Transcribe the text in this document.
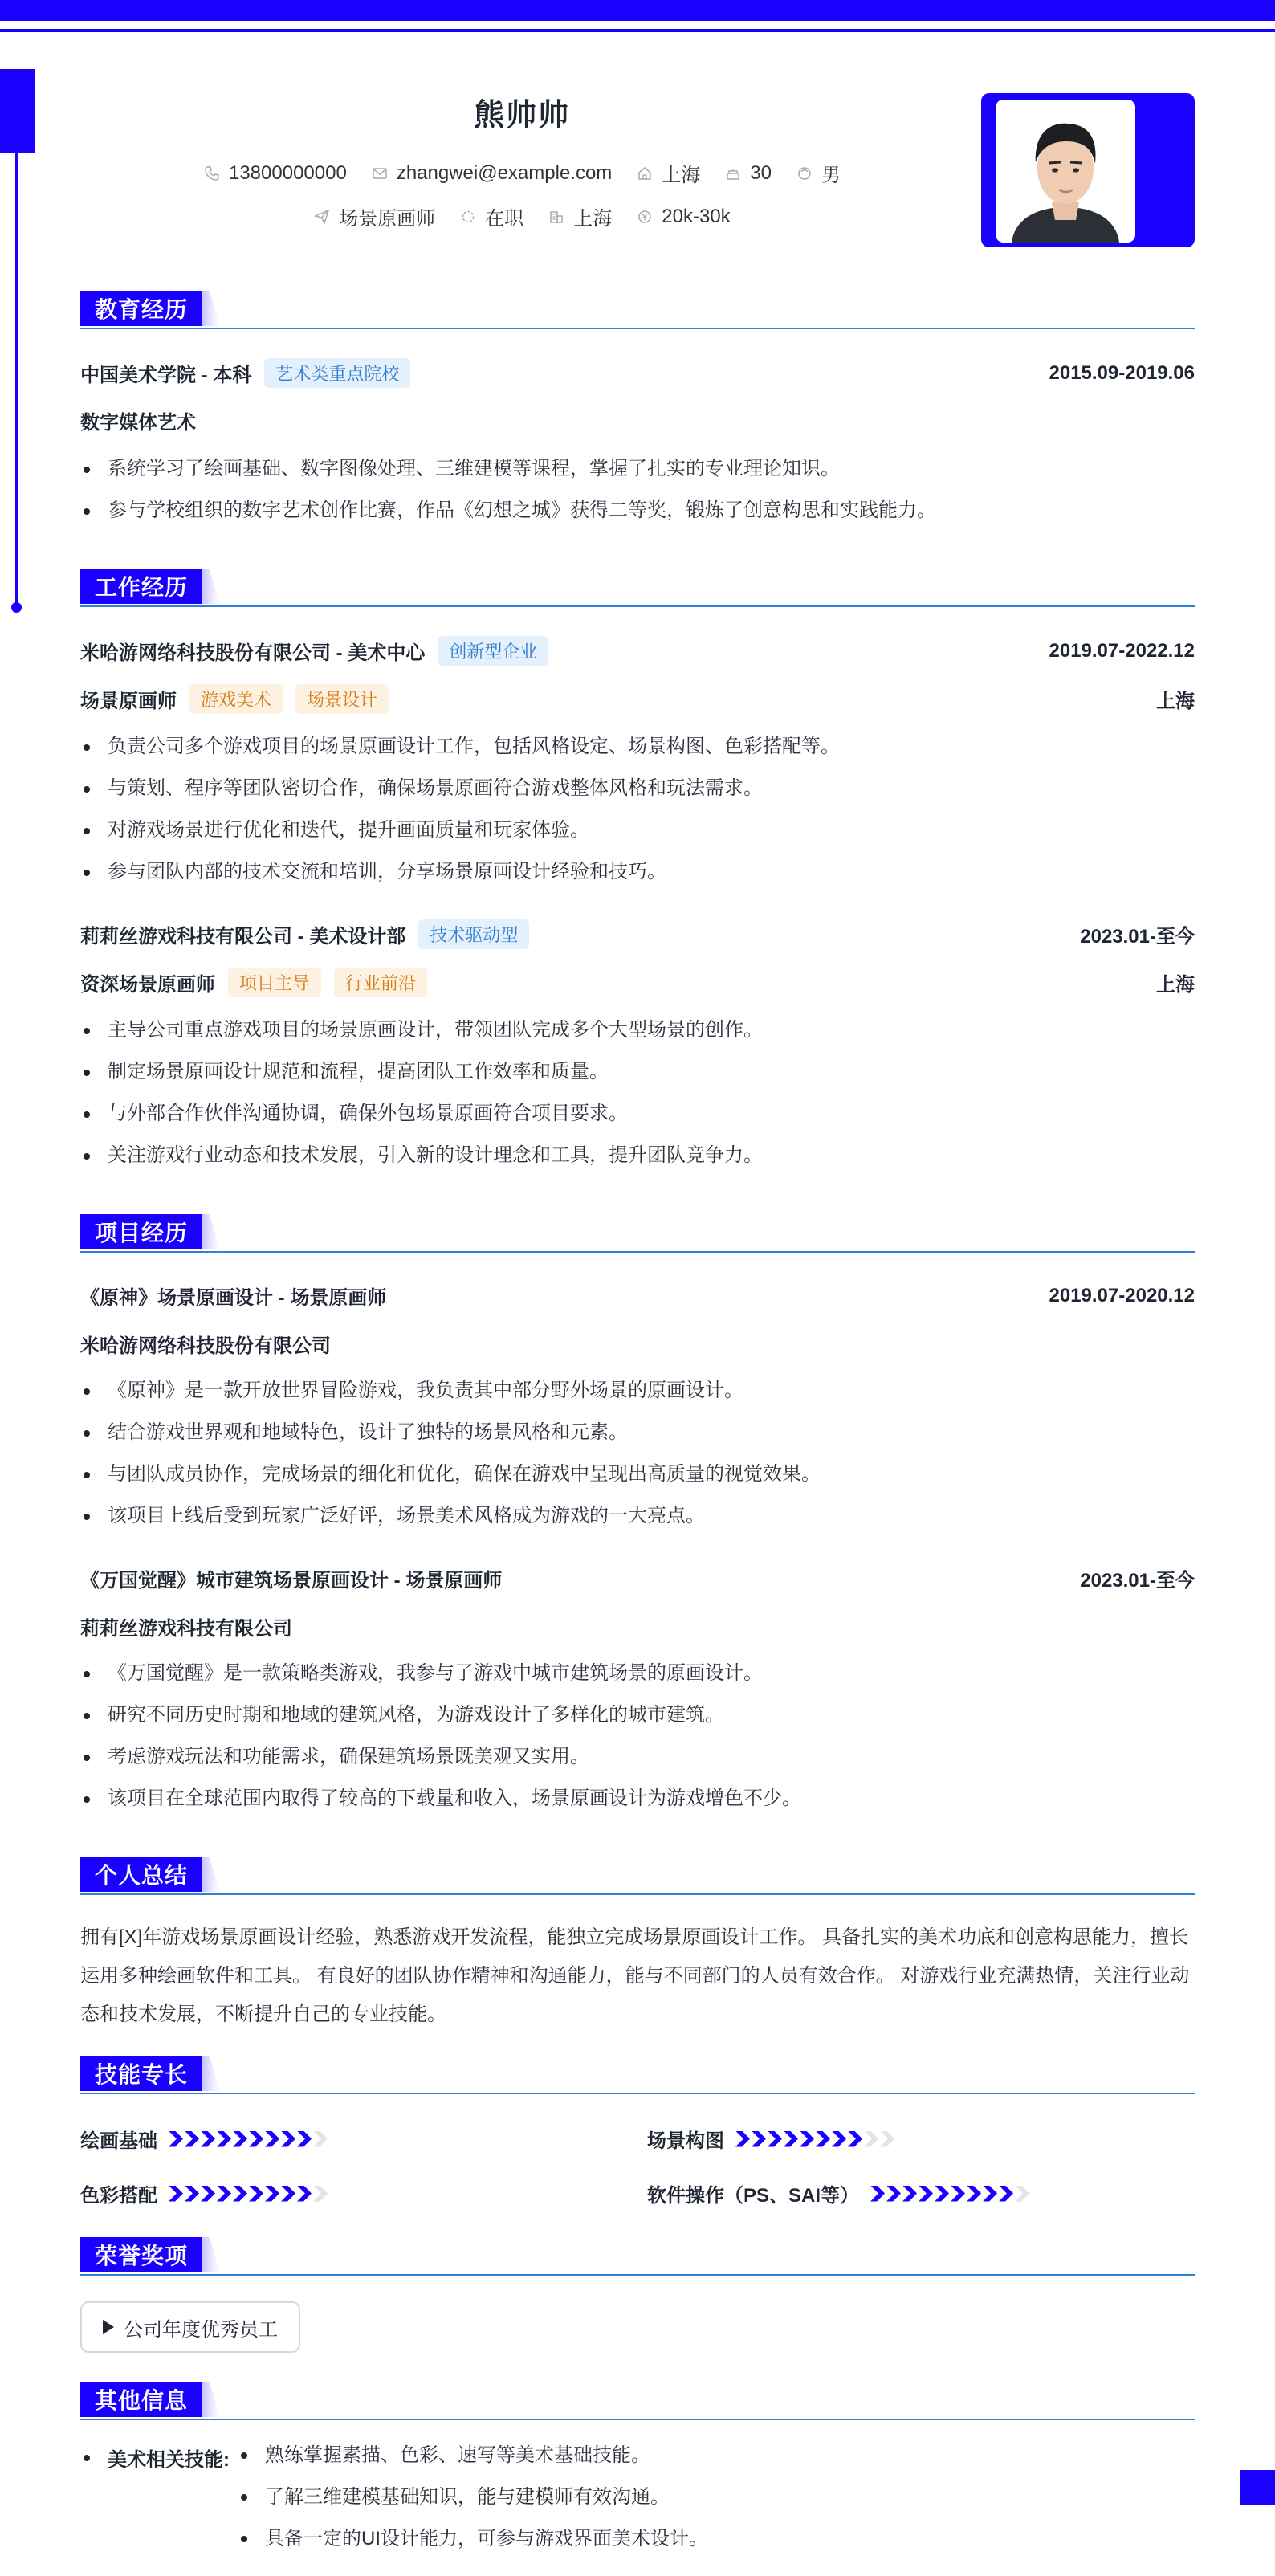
熊帅帅
13800000000	zhangwei@example.com	上海	30	男
场景原画师	在职	上海	20k-30k
教育经历
中国美术学院 - 本科	艺术类重点院校	2015.09-2019.06
数字媒体艺术
系统学习了绘画基础、数字图像处理、三维建模等课程，掌握了扎实的专业理论知识。
参与学校组织的数字艺术创作比赛，作品《幻想之城》获得二等奖，锻炼了创意构思和实践能力。
工作经历
米哈游网络科技股份有限公司 - 美术中心	创新型企业	2019.07-2022.12
场景原画师	游戏美术	场景设计	上海
负责公司多个游戏项目的场景原画设计工作，包括风格设定、场景构图、色彩搭配等。
与策划、程序等团队密切合作，确保场景原画符合游戏整体风格和玩法需求。
对游戏场景进行优化和迭代，提升画面质量和玩家体验。
参与团队内部的技术交流和培训，分享场景原画设计经验和技巧。
莉莉丝游戏科技有限公司 - 美术设计部	技术驱动型	2023.01-至今
资深场景原画师	项目主导	行业前沿	上海
主导公司重点游戏项目的场景原画设计，带领团队完成多个大型场景的创作。
制定场景原画设计规范和流程，提高团队工作效率和质量。
与外部合作伙伴沟通协调，确保外包场景原画符合项目要求。
关注游戏行业动态和技术发展，引入新的设计理念和工具，提升团队竞争力。
项目经历
《原神》场景原画设计 - 场景原画师	2019.07-2020.12
米哈游网络科技股份有限公司
《原神》是一款开放世界冒险游戏，我负责其中部分野外场景的原画设计。
结合游戏世界观和地域特色，设计了独特的场景风格和元素。
与团队成员协作，完成场景的细化和优化，确保在游戏中呈现出高质量的视觉效果。
该项目上线后受到玩家广泛好评，场景美术风格成为游戏的一大亮点。
《万国觉醒》城市建筑场景原画设计 - 场景原画师	2023.01-至今
莉莉丝游戏科技有限公司
《万国觉醒》是一款策略类游戏，我参与了游戏中城市建筑场景的原画设计。
研究不同历史时期和地域的建筑风格，为游戏设计了多样化的城市建筑。
考虑游戏玩法和功能需求，确保建筑场景既美观又实用。
该项目在全球范围内取得了较高的下载量和收入，场景原画设计为游戏增色不少。
个人总结
拥有[X]年游戏场景原画设计经验，熟悉游戏开发流程，能独立完成场景原画设计工作。 具备扎实的美术功底和创意构思能力，擅长运用多种绘画软件和工具。 有良好的团队协作精神和沟通能力，能与不同部门的人员有效合作。 对游戏行业充满热情，关注行业动态和技术发展，不断提升自己的专业技能。
技能专长
绘画基础	场景构图
色彩搭配	软件操作（PS、SAI等）
荣誉奖项
公司年度优秀员工
其他信息
美术相关技能:	熟练掌握素描、色彩、速写等美术基础技能。
了解三维建模基础知识，能与建模师有效沟通。
具备一定的UI设计能力，可参与游戏界面美术设计。
